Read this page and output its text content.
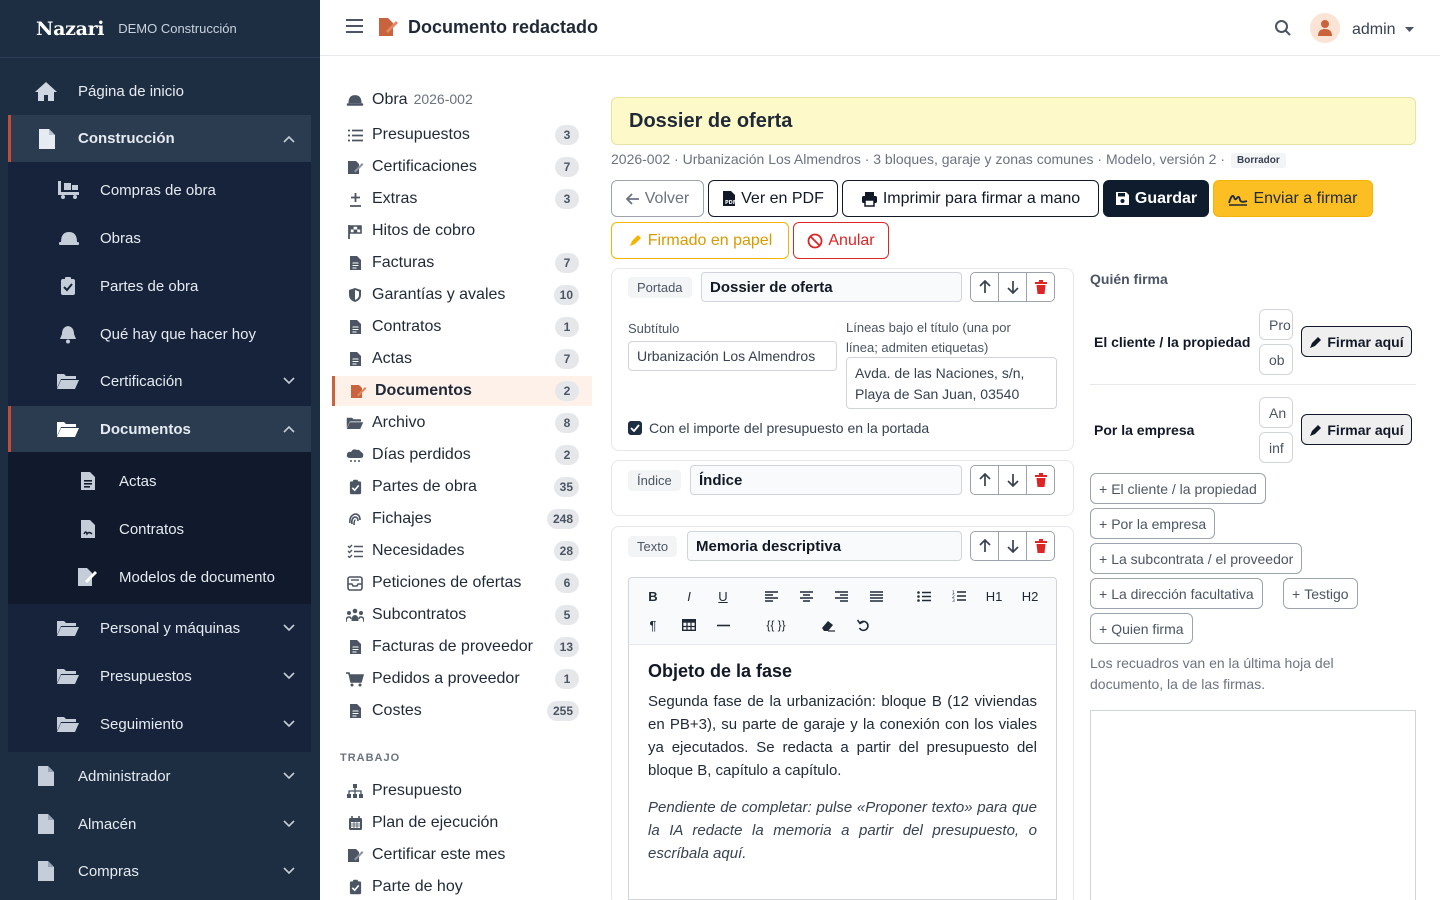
Nazari DEMO Construcción
Página de inicio
Construcción
Compras de obra
Obras
Partes de obra
Qué hay que hacer hoy
Certificación
Documentos
Actas
Contratos
Modelos de documento
Personal y máquinas
Presupuestos
Seguimiento
Administrador
Almacén
Compras
Documento redactado	admin
Obra 2026-002
Presupuestos	3
Certificaciones	7
Extras	3
Hitos de cobro
Facturas	7
Garantías y avales	10
Contratos	1
Actas	7
Documentos	2
Archivo	8
Días perdidos	2
Partes de obra	35
Fichajes	248
Necesidades	28
Peticiones de ofertas	6
Subcontratos	5
Facturas de proveedor	13
Pedidos a proveedor	1
Costes	255
TRABAJO
Presupuesto
Plan de ejecución
Certificar este mes
Parte de hoy
Dossier de oferta
2026-002 · Urbanización Los Almendros · 3 bloques, garaje y zonas comunes · Modelo, versión 2 · Borrador
Volver	PDF Ver en PDF	Imprimir para firmar a mano	Guardar	Enviar a firmar
Firmado en papel	Anular
Portada	Dossier de oferta
Subtítulo
Urbanización Los Almendros
Líneas bajo el título (una por línea; admiten etiquetas)
Avda. de las Naciones, s/n, Playa de San Juan, 03540
Con el importe del presupuesto en la portada
Índice	Índice
Texto	Memoria descriptiva
B	I	U	1
2
3 H1 H2
¶	{{ }}
Objeto de la fase

Segunda fase de la urbanización: bloque B (12 viviendas en PB+3), su parte de garaje y la conexión con los viales ya ejecutados. Se redacta a partir del presupuesto del bloque B, capítulo a capítulo.

Pendiente de completar: pulse «Proponer texto» para que la IA redacte la memoria a partir del presupuesto, o escríbala aquí.

Quién firma
El cliente / la propiedad
Pro
ob
Firmar aquí
Por la empresa
An
inf
Firmar aquí
+ El cliente / la propiedad
+ Por la empresa
+ La subcontrata / el proveedor
+ La dirección facultativa	+ Testigo
+ Quien firma
Los recuadros van en la última hoja del documento, la de las firmas.
